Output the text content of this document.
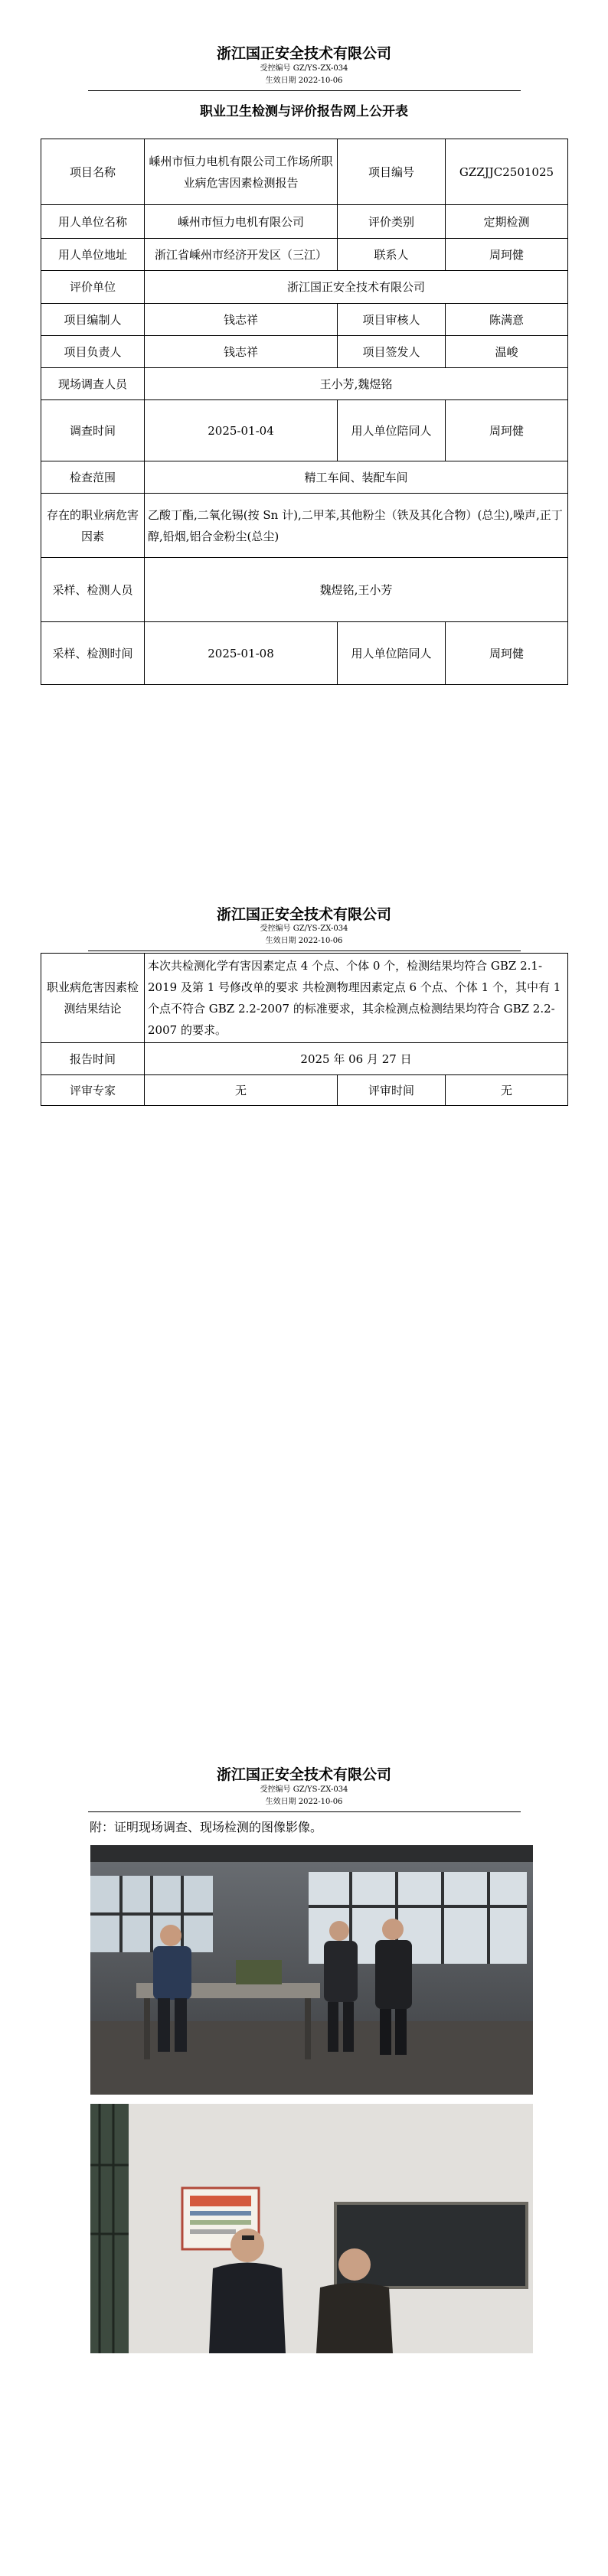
浙江国正安全技术有限公司
受控编号 GZ/YS-ZX-034
生效日期 2022-10-06
职业卫生检测与评价报告网上公开表
项目名称	嵊州市恒力电机有限公司工作场所职业病危害因素检测报告	项目编号	GZZJJC2501025
用人单位名称	嵊州市恒力电机有限公司	评价类别	定期检测
用人单位地址	浙江省嵊州市经济开发区（三江）	联系人	周珂健
评价单位	浙江国正安全技术有限公司		
项目编制人	钱志祥	项目审核人	陈满意
项目负责人	钱志祥	项目签发人	温峻
现场调查人员	王小芳,魏煜铭		
调查时间	2025-01-04	用人单位陪同人	周珂健
检查范围	精工车间、装配车间		
存在的职业病危害因素	乙酸丁酯,二氧化锡(按 Sn 计),二甲苯,其他粉尘（铁及其化合物）(总尘),噪声,正丁醇,铅烟,铝合金粉尘(总尘)		
采样、检测人员	魏煜铭,王小芳		
采样、检测时间	2025-01-08	用人单位陪同人	周珂健
浙江国正安全技术有限公司
受控编号 GZ/YS-ZX-034
生效日期 2022-10-06
职业病危害因素检测结果结论	本次共检测化学有害因素定点 4 个点、个体 0 个，检测结果均符合 GBZ 2.1-2019 及第 1 号修改单的要求 共检测物理因素定点 6 个点、个体 1 个，其中有 1 个点不符合 GBZ 2.2-2007 的标准要求，其余检测点检测结果均符合 GBZ 2.2-2007 的要求。		
报告时间	2025 年 06 月 27 日		
评审专家	无	评审时间	无
浙江国正安全技术有限公司
受控编号 GZ/YS-ZX-034
生效日期 2022-10-06
附：证明现场调查、现场检测的图像影像。
